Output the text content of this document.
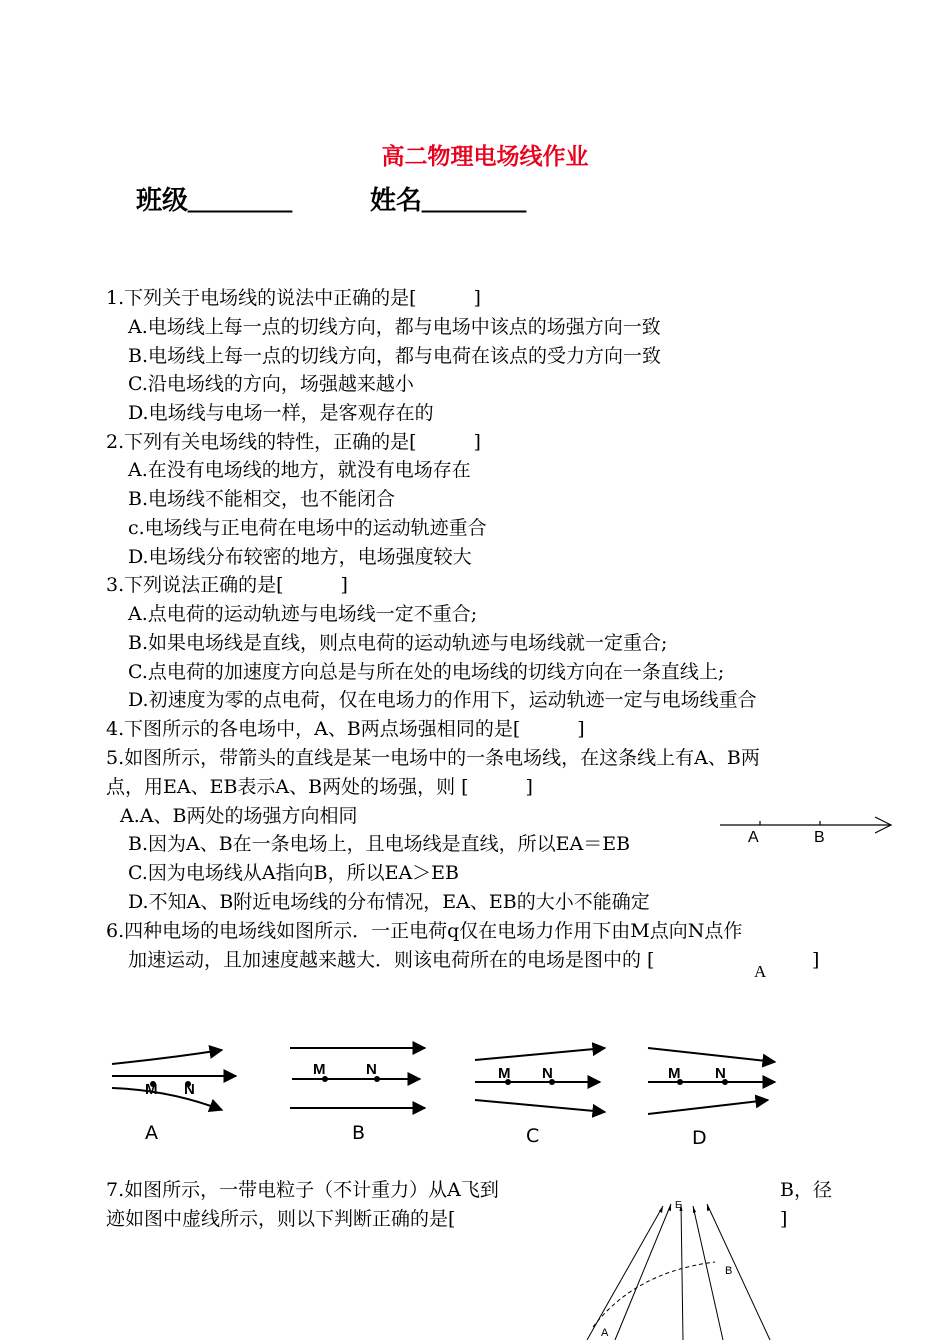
高二物理电场线作业
班级＿＿＿＿	姓名＿＿＿＿
1.下列关于电场线的说法中正确的是[　　　]
A.电场线上每一点的切线方向，都与电场中该点的场强方向一致
B.电场线上每一点的切线方向，都与电荷在该点的受力方向一致
C.沿电场线的方向，场强越来越小
D.电场线与电场一样，是客观存在的
2.下列有关电场线的特性，正确的是[　　　]
A.在没有电场线的地方，就没有电场存在
B.电场线不能相交，也不能闭合
c.电场线与正电荷在电场中的运动轨迹重合
D.电场线分布较密的地方，电场强度较大
3.下列说法正确的是[　　　]
A.点电荷的运动轨迹与电场线一定不重合;
B.如果电场线是直线，则点电荷的运动轨迹与电场线就一定重合;
C.点电荷的加速度方向总是与所在处的电场线的切线方向在一条直线上;
D.初速度为零的点电荷，仅在电场力的作用下，运动轨迹一定与电场线重合
4.下图所示的各电场中，A、B两点场强相同的是[　　　]
5.如图所示，带箭头的直线是某一电场中的一条电场线，在这条线上有A、B两
点，用EA、EB表示A、B两处的场强，则 [　　　]
A.A、B两处的场强方向相同
B.因为A、B在一条电场上，且电场线是直线，所以EA＝EB
C.因为电场线从A指向B，所以EA＞EB
D.不知A、B附近电场线的分布情况，EA、EB的大小不能确定
A	B
6.四种电场的电场线如图所示．一正电荷q仅在电场力作用下由M点向N点作
加速运动，且加速度越来越大．则该电荷所在的电场是图中的 [
A
]
M N
M	N	M N	M N
A	B	C	D
7.如图所示，一带电粒子（不计重力）从A飞到	B，径
迹如图中虚线所示，则以下判断正确的是[	]
E
A
B
